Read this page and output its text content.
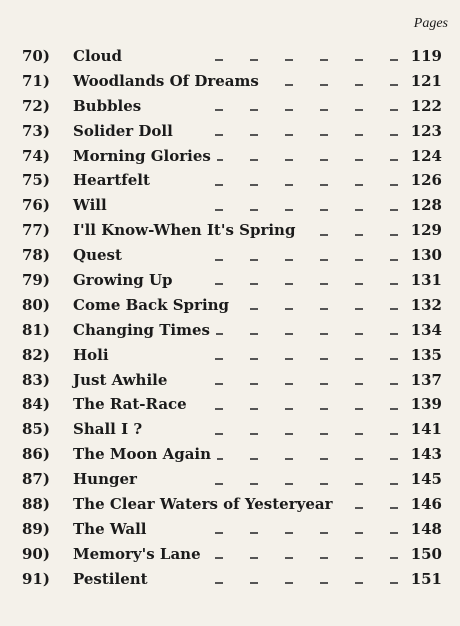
Pages
70)	Cloud	119
71)	Woodlands Of Dreams	121
72)	Bubbles	122
73)	Solider Doll	123
74)	Morning Glories	124
75)	Heartfelt	126
76)	Will	128
77)	I'll Know-When It's Spring	129
78)	Quest	130
79)	Growing Up	131
80)	Come Back Spring	132
81)	Changing Times	134
82)	Holi	135
83)	Just Awhile	137
84)	The Rat-Race	139
85)	Shall I ?	141
86)	The Moon Again	143
87)	Hunger	145
88)	The Clear Waters of Yesteryear	146
89)	The Wall	148
90)	Memory's Lane	150
91)	Pestilent	151
